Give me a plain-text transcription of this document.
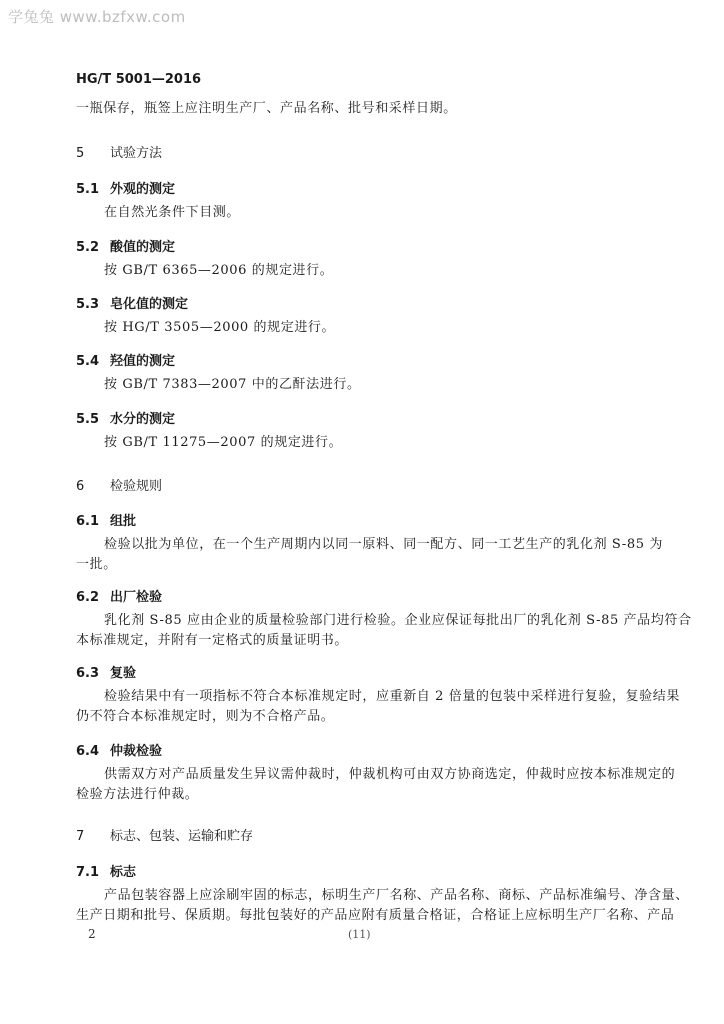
学兔兔 www.bzfxw.com
HG/T 5001—2016
一瓶保存，瓶签上应注明生产厂、产品名称、批号和采样日期。
5 试验方法
5.1 外观的测定
在自然光条件下目测。
5.2 酸值的测定
按 GB/T 6365—2006 的规定进行。
5.3 皂化值的测定
按 HG/T 3505—2000 的规定进行。
5.4 羟值的测定
按 GB/T 7383—2007 中的乙酐法进行。
5.5 水分的测定
按 GB/T 11275—2007 的规定进行。
6 检验规则
6.1 组批
检验以批为单位，在一个生产周期内以同一原料、同一配方、同一工艺生产的乳化剂 S-85 为
一批。
6.2 出厂检验
乳化剂 S-85 应由企业的质量检验部门进行检验。企业应保证每批出厂的乳化剂 S-85 产品均符合
本标准规定，并附有一定格式的质量证明书。
6.3 复验
检验结果中有一项指标不符合本标准规定时，应重新自 2 倍量的包装中采样进行复验，复验结果
仍不符合本标准规定时，则为不合格产品。
6.4 仲裁检验
供需双方对产品质量发生异议需仲裁时，仲裁机构可由双方协商选定，仲裁时应按本标准规定的
检验方法进行仲裁。
7 标志、包装、运输和贮存
7.1 标志
产品包装容器上应涂刷牢固的标志，标明生产厂名称、产品名称、商标、产品标准编号、净含量、
生产日期和批号、保质期。每批包装好的产品应附有质量合格证，合格证上应标明生产厂名称、产品
2	(11)
